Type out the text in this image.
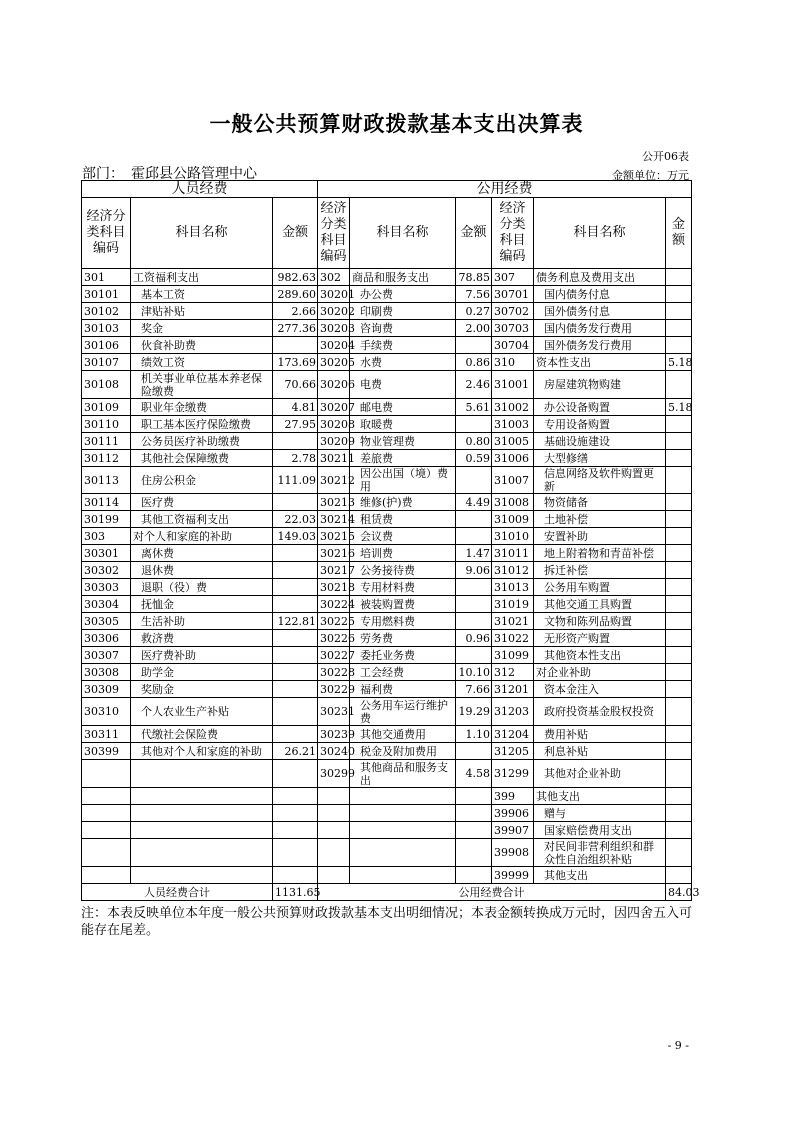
一般公共预算财政拨款基本支出决算表
公开06表
部门：　霍邱县公路管理中心	金额单位：万元
人员经费			公用经费					
经济分类科目编码	科目名称	金额	经济分类科目编码	科目名称	金额	经济分类科目编码	科目名称	金额
301	工资福利支出	982.63	302	商品和服务支出	78.85	307	债务利息及费用支出	
30101	基本工资	289.60	30201	办公费	7.56	30701	国内债务付息	
30102	津贴补贴	2.66	30202	印刷费	0.27	30702	国外债务付息	
30103	奖金	277.36	30203	咨询费	2.00	30703	国内债务发行费用	
30106	伙食补助费		30204	手续费		30704	国外债务发行费用	
30107	绩效工资	173.69	30205	水费	0.86	310	资本性支出	5.18
30108	机关事业单位基本养老保险缴费	70.66	30206	电费	2.46	31001	房屋建筑物购建	
30109	职业年金缴费	4.81	30207	邮电费	5.61	31002	办公设备购置	5.18
30110	职工基本医疗保险缴费	27.95	30208	取暖费		31003	专用设备购置	
30111	公务员医疗补助缴费		30209	物业管理费	0.80	31005	基础设施建设	
30112	其他社会保障缴费	2.78	30211	差旅费	0.59	31006	大型修缮	
30113	住房公积金	111.09	30212	因公出国（境）费用		31007	信息网络及软件购置更新	
30114	医疗费		30213	维修(护)费	4.49	31008	物资储备	
30199	其他工资福利支出	22.03	30214	租赁费		31009	土地补偿	
303	对个人和家庭的补助	149.03	30215	会议费		31010	安置补助	
30301	离休费		30216	培训费	1.47	31011	地上附着物和青苗补偿	
30302	退休费		30217	公务接待费	9.06	31012	拆迁补偿	
30303	退职（役）费		30218	专用材料费		31013	公务用车购置	
30304	抚恤金		30224	被装购置费		31019	其他交通工具购置	
30305	生活补助	122.81	30225	专用燃料费		31021	文物和陈列品购置	
30306	救济费		30226	劳务费	0.96	31022	无形资产购置	
30307	医疗费补助		30227	委托业务费		31099	其他资本性支出	
30308	助学金		30228	工会经费	10.10	312	对企业补助	
30309	奖励金		30229	福利费	7.66	31201	资本金注入	
30310	个人农业生产补贴		30231	公务用车运行维护费	19.29	31203	政府投资基金股权投资	
30311	代缴社会保险费		30239	其他交通费用	1.10	31204	费用补贴	
30399	其他对个人和家庭的补助	26.21	30240	税金及附加费用		31205	利息补贴	
			30299	其他商品和服务支出	4.58	31299	其他对企业补助	
						399	其他支出	
						39906	赠与	
						39907	国家赔偿费用支出	
						39908	对民间非营利组织和群众性自治组织补贴	
						39999	其他支出	
人员经费合计		1131.65	公用经费合计					84.03
注：本表反映单位本年度一般公共预算财政拨款基本支出明细情况；本表金额转换成万元时，因四舍五入可能存在尾差。
- 9 -
